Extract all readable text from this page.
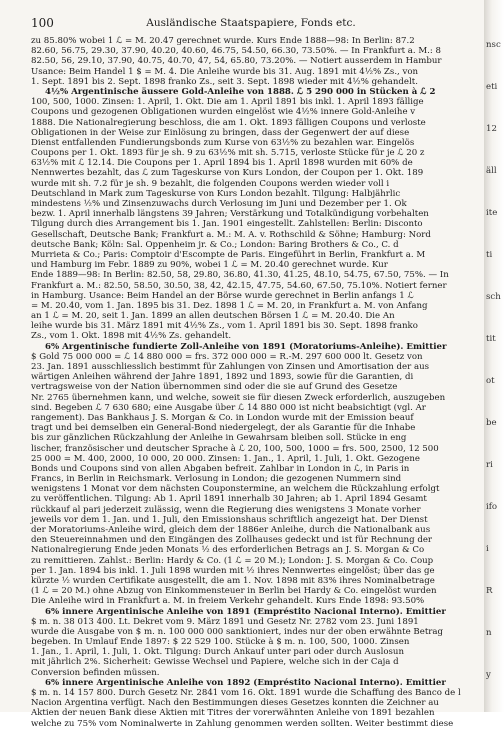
100	Ausländische Staatspapiere, Fonds etc.
zu 85.80% wobei 1 ℒ = M. 20.47 gerechnet wurde. Kurs Ende 1888—98: In Berlin: 87.2
82.60, 56.75, 29.30, 37.90, 40.20, 40.60, 46.75, 54.50, 66.30, 73.50%. — In Frankfurt a. M.: 8
82.50, 56, 29.10, 37.90, 40.75, 40.70, 47, 54, 65.80, 73.20%. — Notiert ausserdem in Hambur
Usance: Beim Handel 1 $ = M. 4. Die Anleihe wurde bis 31. Aug. 1891 mit 4½% Zs., von
1. Sept. 1891 bis 2. Sept. 1898 franko Zs., seit 3. Sept. 1898 wieder mit 4½% gehandelt.
4½% Argentinische äussere Gold-Anleihe von 1888. ℒ 5 290 000 in Stücken à ℒ 2
100, 500, 1000. Zinsen: 1. April, 1. Okt. Die am 1. April 1891 bis inkl. 1. April 1893 fällige
Coupons und gezogenen Obligationen wurden eingelöst wie 4½% innere Gold-Anleihe v
1888. Die Nationalregierung beschloss, die am 1. Okt. 1893 fälligen Coupons und verloste
Obligationen in der Weise zur Einlösung zu bringen, dass der Gegenwert der auf diese
Dienst entfallenden Fundierungsbonds zum Kurse von 63½% zu bezahlen war. Eingelös
Coupons per 1. Okt. 1893 für je sh. 9 zu 63½% mit sh. 5.715, verloste Stücke für je ℒ 20 z
63½% mit ℒ 12.14. Die Coupons per 1. April 1894 bis 1. April 1898 wurden mit 60% de
Nennwertes bezahlt, das ℒ zum Tageskurse von Kurs London, der Coupon per 1. Okt. 189
wurde mit sh. 7.2 für je sh. 9 bezahlt, die folgenden Coupons werden wieder voll i
Deutschland in Mark zum Tageskurse von Kurs London bezahlt. Tilgung: Halbjährlic
mindestens ½% und Zinsenzuwachs durch Verlosung im Juni und Dezember per 1. Ok
bezw. 1. April innerhalb längstens 39 Jahren; Verstärkung und Totalkündigung vorbehalten
Tilgung durch dies Arrangement bis 1. Jan. 1901 eingestellt. Zahlstellen: Berlin: Disconto
Gesellschaft, Deutsche Bank; Frankfurt a. M.: M. A. v. Rothschild & Söhne; Hamburg: Nord
deutsche Bank; Köln: Sal. Oppenheim jr. & Co.; London: Baring Brothers & Co., C. d
Murrieta & Co.; Paris: Comptoir d'Escompte de Paris. Eingeführt in Berlin, Frankfurt a. M
und Hamburg im Febr. 1889 zu 90%, wobei 1 ℒ = M. 20.40 gerechnet wurde. Kur
Ende 1889—98: In Berlin: 82.50, 58, 29.80, 36.80, 41.30, 41.25, 48.10, 54.75, 67.50, 75%. — In
Frankfurt a. M.: 82.50, 58.50, 30.50, 38, 42, 42.15, 47.75, 54.60, 67.50, 75.10%. Notiert ferner
in Hamburg. Usance: Beim Handel an der Börse wurde gerechnet in Berlin anfangs 1 ℒ
= M. 20.40, vom 1. Jan. 1895 bis 31. Dez. 1898 1 ℒ = M. 20, in Frankfurt a. M. von Anfang
an 1 ℒ = M. 20, seit 1. Jan. 1899 an allen deutschen Börsen 1 ℒ = M. 20.40. Die An
leihe wurde bis 31. März 1891 mit 4½% Zs., vom 1. April 1891 bis 30. Sept. 1898 franko
Zs., vom 1. Okt. 1898 mit 4½% Zs. gehandelt.
6% Argentinische fundierte Zoll-Anleihe von 1891 (Moratoriums-Anleihe). Emittier
$ Gold 75 000 000 = ℒ 14 880 000 = frs. 372 000 000 = R.-M. 297 600 000 lt. Gesetz von
23. Jan. 1891 ausschliesslich bestimmt für Zahlungen von Zinsen und Amortisation der aus
wärtigen Anleihen während der Jahre 1891, 1892 und 1893, sowie für die Garantien, di
vertragsweise von der Nation übernommen sind oder die sie auf Grund des Gesetze
Nr. 2765 übernehmen kann, und welche, soweit sie für diesen Zweck erforderlich, auszugeben
sind. Begeben ℒ 7 630 680; eine Ausgabe über ℒ 14 880 000 ist nicht beabsichtigt (vgl. Ar
rangement). Das Bankhaus J. S. Morgan & Co. in London wurde mit der Emission beauf
tragt und bei demselben ein General-Bond niedergelegt, der als Garantie für die Inhabe
bis zur gänzlichen Rückzahlung der Anleihe in Gewahrsam bleiben soll. Stücke in eng
lischer, französischer und deutscher Sprache à ℒ 20, 100, 500, 1000 = frs. 500, 2500, 12 500
25 000 = M. 400, 2000, 10 000, 20 000. Zinsen: 1. Jan., 1. April, 1. Juli, 1. Okt. Gezogene
Bonds und Coupons sind von allen Abgaben befreit. Zahlbar in London in ℒ, in Paris in
Francs, in Berlin in Reichsmark. Verlosung in London; die gezogenen Nummern sind
wenigstens 1 Monat vor dem nächsten Couponstermine, an welchem die Rückzahlung erfolgt
zu veröffentlichen. Tilgung: Ab 1. April 1891 innerhalb 30 Jahren; ab 1. April 1894 Gesamt
rückkauf al pari jederzeit zulässig, wenn die Regierung dies wenigstens 3 Monate vorher
jeweils vor dem 1. Jan. und 1. Juli, den Emissionshaus schriftlich angezeigt hat. Der Dienst
der Moratoriums-Anleihe wird, gleich dem der 1886er Anleihe, durch die Nationalbank aus
den Steuereinnahmen und den Eingängen des Zollhauses gedeckt und ist für Rechnung der
Nationalregierung Ende jeden Monats ½ des erforderlichen Betrags an J. S. Morgan & Co
zu remittieren. Zahlst.: Berlin: Hardy & Co. (1 ℒ = 20 M.); London: J. S. Morgan & Co. Coup
per 1. Jan. 1894 bis inkl. 1. Juli 1898 wurden mit ½ ihres Nennwertes eingelöst; über das ge
kürzte ½ wurden Certifikate ausgestellt, die am 1. Nov. 1898 mit 83% ihres Nominalbetrage
(1 ℒ = 20 M.) ohne Abzug von Einkommensteuer in Berlin bei Hardy & Co. eingelöst wurden
Die Anleihe wird in Frankfurt a. M. in freiem Verkehr gehandelt. Kurs Ende 1898: 93.50%
6% innere Argentinische Anleihe von 1891 (Empréstito Nacional Interno). Emittier
$ m. n. 38 013 400. Lt. Dekret vom 9. März 1891 und Gesetz Nr. 2782 vom 23. Juni 1891
wurde die Ausgabe von $ m. n. 100 000 000 sanktioniert, indes nur der oben erwähnte Betrag
begeben. In Umlauf Ende 1897: $ 22 529 100. Stücke à $ m. n. 100, 500, 1000. Zinsen
1. Jan., 1. April, 1. Juli, 1. Okt. Tilgung: Durch Ankauf unter pari oder durch Auslosun
mit jährlich 2%. Sicherheit: Gewisse Wechsel und Papiere, welche sich in der Caja d
Conversion befinden müssen.
6% innere Argentinische Anleihe von 1892 (Empréstito Nacional Interno). Emittier
$ m. n. 14 157 800. Durch Gesetz Nr. 2841 vom 16. Okt. 1891 wurde die Schaffung des Banco de l
Nacion Argentina verfügt. Nach den Bestimmungen dieses Gesetzes konnten die Zeichner au
Aktien der neuen Bank diese Aktien mit Titres der vorerwähnten Anleihe von 1891 bezahlen
welche zu 75% vom Nominalwerte in Zahlung genommen werden sollten. Weiter bestimmt diese
nsc
eti
12
äll
ite
ti
sch
tit
ot
be
ri
ifo
i
R
n
y
